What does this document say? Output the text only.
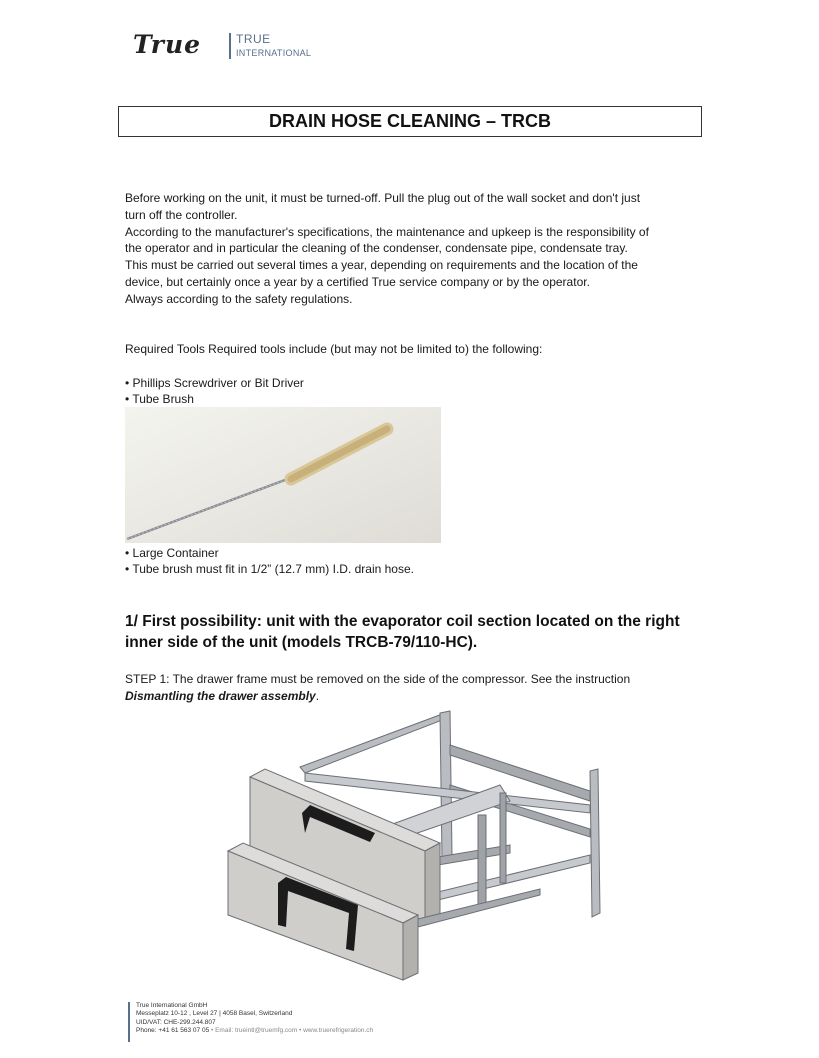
True	TRUE
INTERNATIONAL
DRAIN HOSE CLEANING – TRCB
Before working on the unit, it must be turned-off. Pull the plug out of the wall socket and don't just
turn off the controller.
According to the manufacturer's specifications, the maintenance and upkeep is the responsibility of
the operator and in particular the cleaning of the condenser, condensate pipe, condensate tray.
This must be carried out several times a year, depending on requirements and the location of the
device, but certainly once a year by a certified True service company or by the operator.
Always according to the safety regulations.
Required Tools Required tools include (but may not be limited to) the following:
• Phillips Screwdriver or Bit Driver
• Tube Brush
• Large Container
• Tube brush must fit in 1/2” (12.7 mm) I.D. drain hose.
1/ First possibility: unit with the evaporator coil section located on the right
inner side of the unit (models TRCB-79/110-HC).
STEP 1: The drawer frame must be removed on the side of the compressor. See the instruction
Dismantling the drawer assembly.
True International GmbH
Messeplatz 10-12 , Level 27 | 4058 Basel, Switzerland
UID/VAT: CHE-299.244.807
Phone: +41 61 563 07 05 • Email: trueintl@truemfg.com • www.truerefrigeration.ch
